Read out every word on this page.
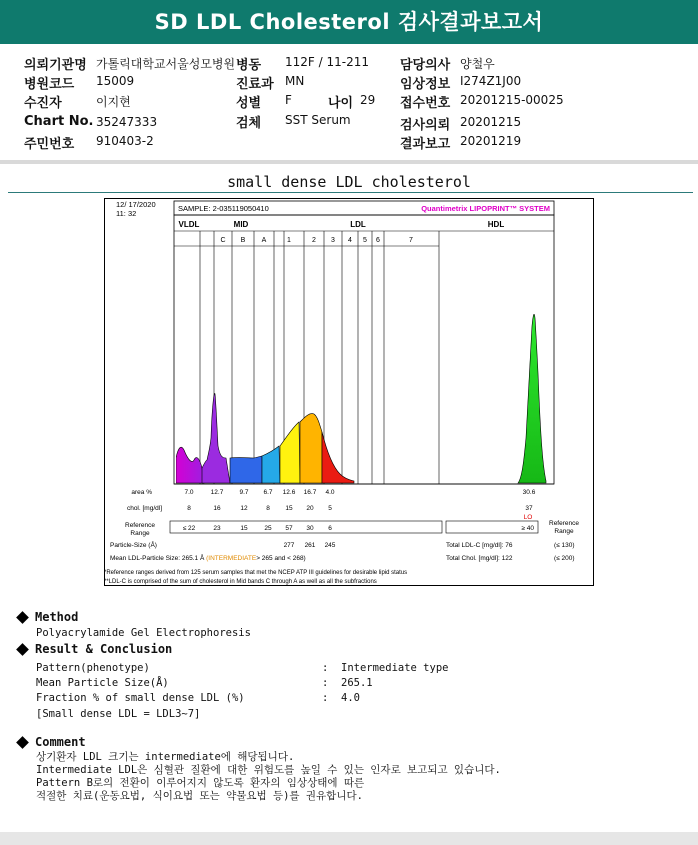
SD LDL Cholesterol 검사결과보고서
의뢰기관명 가톨릭대학교서울성모병원 병동 112F / 11-211 담당의사 양철우
병원코드 15009	진료과 MN	임상정보 I274Z1J00
수진자	이지현	성별 F	나이 29 접수번호 20201215-00025
Chart No. 35247333	검체 SST Serum	검사의뢰 20201215
주민번호 910403-2	결과보고 20201219
small dense LDL cholesterol
12/ 17/2020
11: 32
SAMPLE: 2-035119050410	Quantimetrix LIPOPRINT™ SYSTEM
VLDL	MID	LDL	HDL
C B A	1	2 3 4 5 6	7
area %	7.0	12.7 9.7 6.7 12.6 16.7 4.0	30.6
chol. [mg/dl]	8	16	12	8 15 20 5	37
LO
Reference
Range
≤ 22	23	15	25 57 30 6	≥ 40
Reference
Range
Particle-Size (Å)	277 261 245	Total LDL-C [mg/dl]: 76	(≤ 130)
Mean LDL-Particle Size: 265.1 Å (INTERMEDIATE> 265 and < 268)	Total Chol. [mg/dl]: 122	(≤ 200)
*Reference ranges derived from 125 serum samples that met the NCEP ATP III guidelines for desirable lipid status
**LDL-C is comprised of the sum of cholesterol in Mid bands C through A as well as all the subfractions
Method
Polyacrylamide Gel Electrophoresis
Result & Conclusion
Pattern(phenotype)	: Intermediate type
Mean Particle Size(Å)	: 265.1
Fraction % of small dense LDL (%)	: 4.0
[Small dense LDL = LDL3~7]
Comment
상기환자 LDL 크기는 intermediate에 해당됩니다.
Intermediate LDL은 심혈관 질환에 대한 위험도를 높일 수 있는 인자로 보고되고 있습니다.
Pattern B로의 전환이 이루어지지 않도록 환자의 임상상태에 따른
적절한 치료(운동요법, 식이요법 또는 약물요법 등)를 권유합니다.
